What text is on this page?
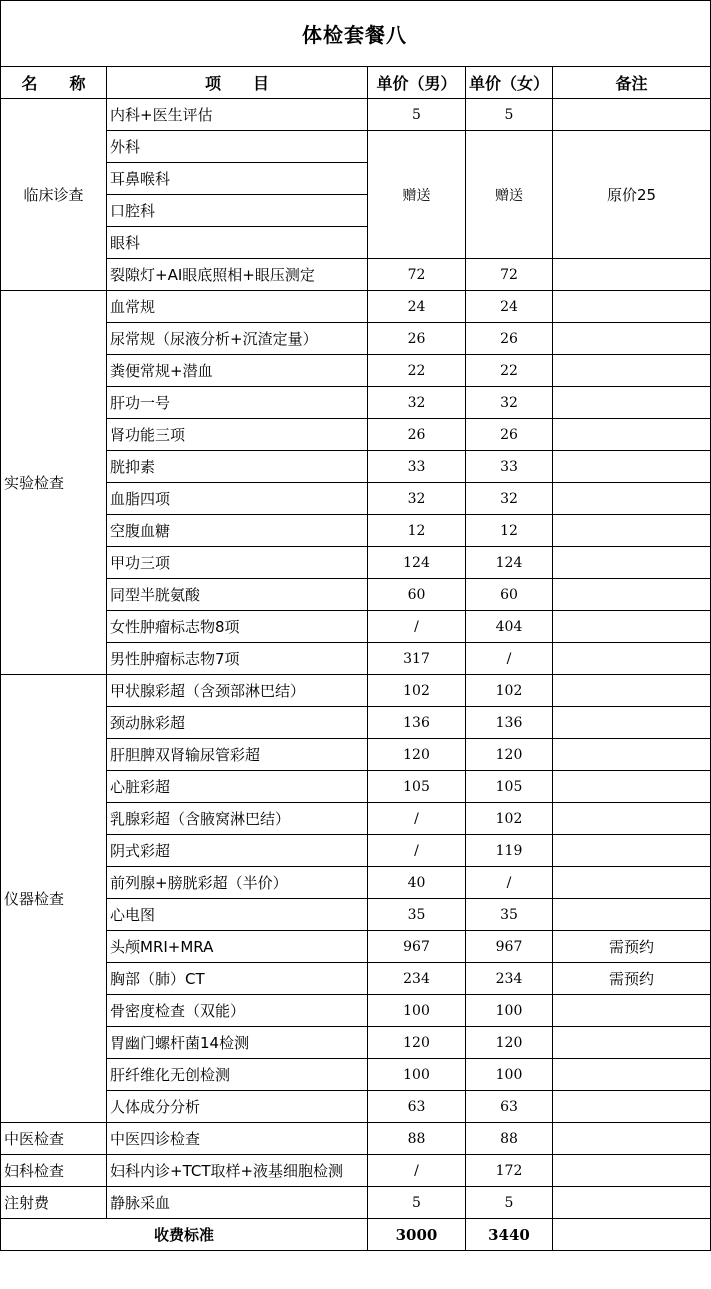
体检套餐八
名　　称	项　　目	单价（男）	单价（女）	备注
临床诊查	内科+医生评估	5	5	
	外科	赠送	赠送	原价25
	耳鼻喉科			
	口腔科			
	眼科			
	裂隙灯+AI眼底照相+眼压测定	72	72	
实验检查	血常规	24	24	
	尿常规（尿液分析+沉渣定量）	26	26	
	粪便常规+潜血	22	22	
	肝功一号	32	32	
	肾功能三项	26	26	
	胱抑素	33	33	
	血脂四项	32	32	
	空腹血糖	12	12	
	甲功三项	124	124	
	同型半胱氨酸	60	60	
	女性肿瘤标志物8项	/	404	
	男性肿瘤标志物7项	317	/	
仪器检查	甲状腺彩超（含颈部淋巴结）	102	102	
	颈动脉彩超	136	136	
	肝胆脾双肾输尿管彩超	120	120	
	心脏彩超	105	105	
	乳腺彩超（含腋窝淋巴结）	/	102	
	阴式彩超	/	119	
	前列腺+膀胱彩超（半价）	40	/	
	心电图	35	35	
	头颅MRI+MRA	967	967	需预约
	胸部（肺）CT	234	234	需预约
	骨密度检查（双能）	100	100	
	胃幽门螺杆菌14检测	120	120	
	肝纤维化无创检测	100	100	
	人体成分分析	63	63	
中医检查	中医四诊检查	88	88	
妇科检查	妇科内诊+TCT取样+液基细胞检测	/	172	
注射费	静脉采血	5	5	
收费标准		3000	3440	
